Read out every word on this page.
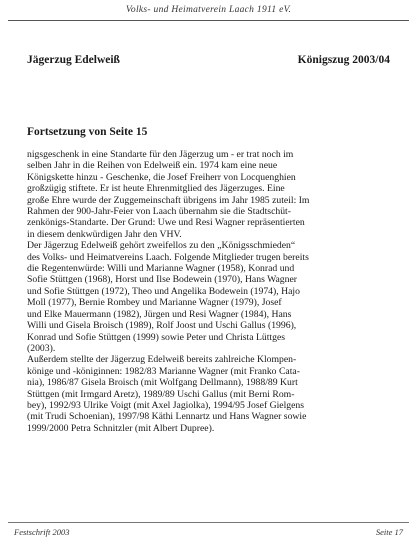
Volks- und Heimatverein Laach 1911 eV.
Jägerzug Edelweiß	Königszug 2003/04
Fortsetzung von Seite 15

nigsgeschenk in eine Standarte für den Jägerzug um - er trat noch im

selben Jahr in die Reihen von Edelweiß ein. 1974 kam eine neue

Königskette hinzu - Geschenke, die Josef Freiherr von Locquenghien

großzügig stiftete. Er ist heute Ehrenmitglied des Jägerzuges. Eine

große Ehre wurde der Zuggemeinschaft übrigens im Jahr 1985 zuteil: Im

Rahmen der 900-Jahr-Feier von Laach übernahm sie die Stadtschüt-

zenkönigs-Standarte. Der Grund: Uwe und Resi Wagner repräsentierten

in diesem denkwürdigen Jahr den VHV.

Der Jägerzug Edelweiß gehört zweifellos zu den „Königsschmieden“

des Volks- und Heimatvereins Laach. Folgende Mitglieder trugen bereits

die Regentenwürde: Willi und Marianne Wagner (1958), Konrad und

Sofie Stüttgen (1968), Horst und Ilse Bodewein (1970), Hans Wagner

und Sofie Stüttgen (1972), Theo und Angelika Bodewein (1974), Hajo

Moll (1977), Bernie Rombey und Marianne Wagner (1979), Josef

und Elke Mauermann (1982), Jürgen und Resi Wagner (1984), Hans

Willi und Gisela Broisch (1989), Rolf Joost und Uschi Gallus (1996),

Konrad und Sofie Stüttgen (1999) sowie Peter und Christa Lüttges

(2003).

Außerdem stellte der Jägerzug Edelweiß bereits zahlreiche Klompen-

könige und -königinnen: 1982/83 Marianne Wagner (mit Franko Cata-

nia), 1986/87 Gisela Broisch (mit Wolfgang Dellmann), 1988/89 Kurt

Stüttgen (mit Irmgard Aretz), 1989/89 Uschi Gallus (mit Berni Rom-

bey), 1992/93 Ulrike Voigt (mit Axel Jagiolka), 1994/95 Josef Gielgens

(mit Trudi Schoenian), 1997/98 Käthi Lennartz und Hans Wagner sowie

1999/2000 Petra Schnitzler (mit Albert Dupree).

Festschrift 2003	Seite 17
